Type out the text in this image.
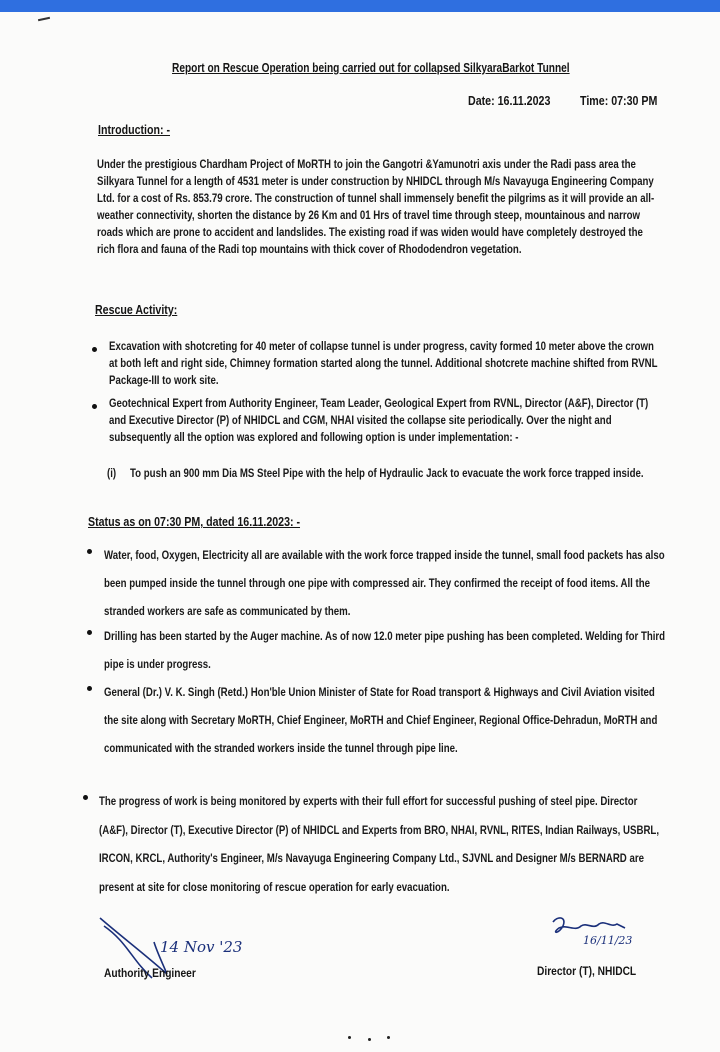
Report on Rescue Operation being carried out for collapsed SilkyaraBarkot Tunnel
Date: 16.11.2023 Time: 07:30 PM
Introduction: -
Under the prestigious Chardham Project of MoRTH to join the Gangotri &Yamunotri axis under the Radi pass area the Silkyara Tunnel for a length of 4531 meter is under construction by NHIDCL through M/s Navayuga Engineering Company Ltd. for a cost of Rs. 853.79 crore. The construction of tunnel shall immensely benefit the pilgrims as it will provide an all-weather connectivity, shorten the distance by 26 Km and 01 Hrs of travel time through steep, mountainous and narrow roads which are prone to accident and landslides. The existing road if was widen would have completely destroyed the rich flora and fauna of the Radi top mountains with thick cover of Rhododendron vegetation.
Rescue Activity:
Excavation with shotcreting for 40 meter of collapse tunnel is under progress, cavity formed 10 meter above the crown at both left and right side, Chimney formation started along the tunnel. Additional shotcrete machine shifted from RVNL Package-III to work site.
Geotechnical Expert from Authority Engineer, Team Leader, Geological Expert from RVNL, Director (A&F), Director (T) and Executive Director (P) of NHIDCL and CGM, NHAI visited the collapse site periodically. Over the night and subsequently all the option was explored and following option is under implementation: -
(i)	To push an 900 mm Dia MS Steel Pipe with the help of Hydraulic Jack to evacuate the work force trapped inside.
Status as on 07:30 PM, dated 16.11.2023: -
Water, food, Oxygen, Electricity all are available with the work force trapped inside the tunnel, small food packets has also been pumped inside the tunnel through one pipe with compressed air. They confirmed the receipt of food items. All the stranded workers are safe as communicated by them.
Drilling has been started by the Auger machine. As of now 12.0 meter pipe pushing has been completed. Welding for Third pipe is under progress.
General (Dr.) V. K. Singh (Retd.) Hon'ble Union Minister of State for Road transport & Highways and Civil Aviation visited the site along with Secretary MoRTH, Chief Engineer, MoRTH and Chief Engineer, Regional Office-Dehradun, MoRTH and communicated with the stranded workers inside the tunnel through pipe line.
The progress of work is being monitored by experts with their full effort for successful pushing of steel pipe. Director (A&F), Director (T), Executive Director (P) of NHIDCL and Experts from BRO, NHAI, RVNL, RITES, Indian Railways, USBRL, IRCON, KRCL, Authority's Engineer, M/s Navayuga Engineering Company Ltd., SJVNL and Designer M/s BERNARD are present at site for close monitoring of rescue operation for early evacuation.
14 Nov '23
Authority Engineer
16/11/23
Director (T), NHIDCL
